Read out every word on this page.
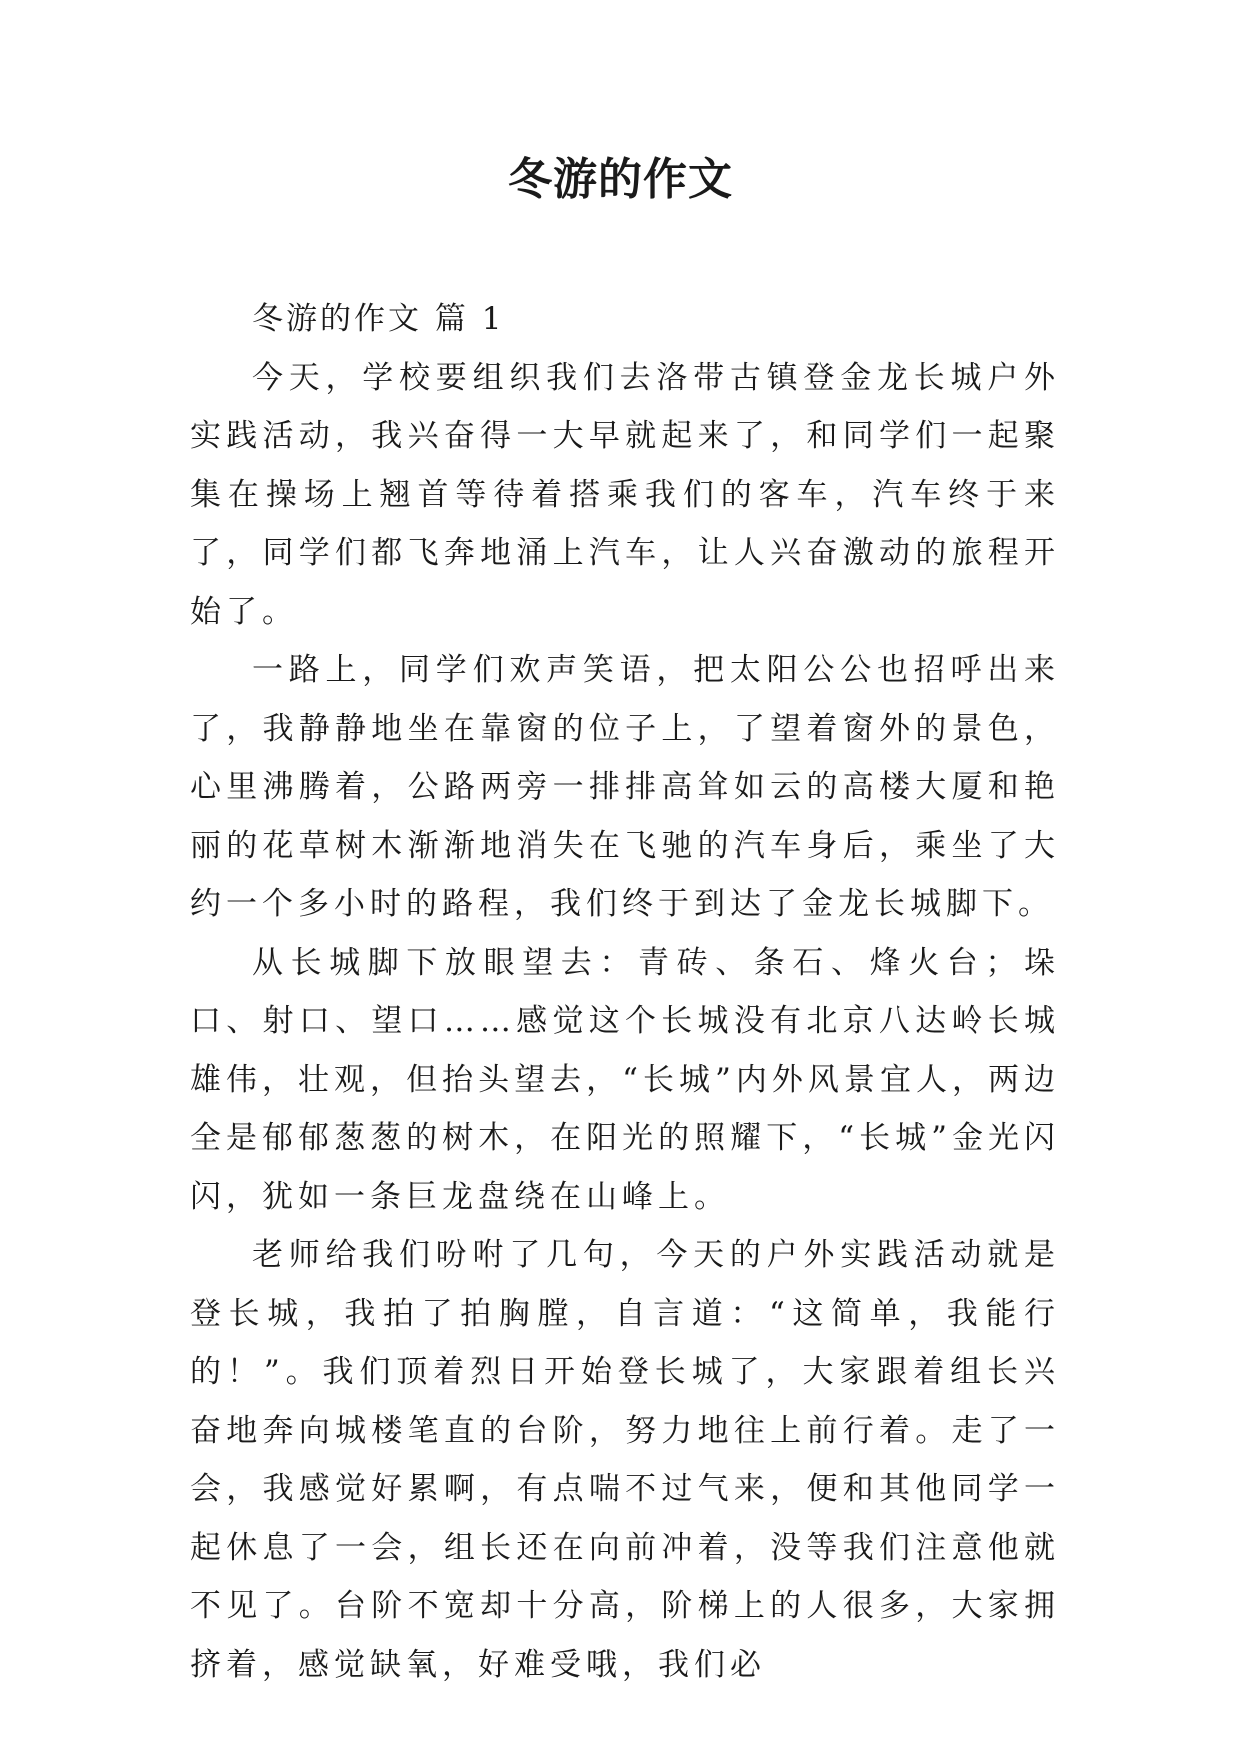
冬游的作文

冬游的作文 篇 1

今天，学校要组织我们去洛带古镇登金龙长城户外实践活动，我兴奋得一大早就起来了，和同学们一起聚集在操场上翘首等待着搭乘我们的客车，汽车终于来了，同学们都飞奔地涌上汽车，让人兴奋激动的旅程开始了。

一路上，同学们欢声笑语，把太阳公公也招呼出来了，我静静地坐在靠窗的位子上，了望着窗外的景色，心里沸腾着，公路两旁一排排高耸如云的高楼大厦和艳丽的花草树木渐渐地消失在飞驰的汽车身后，乘坐了大约一个多小时的路程，我们终于到达了金龙长城脚下。

从长城脚下放眼望去：青砖、条石、烽火台；垛口、射口、望口……感觉这个长城没有北京八达岭长城雄伟，壮观，但抬头望去，“长城”内外风景宜人，两边全是郁郁葱葱的树木，在阳光的照耀下，“长城”金光闪闪，犹如一条巨龙盘绕在山峰上。

老师给我们吩咐了几句，今天的户外实践活动就是登长城，我拍了拍胸膛，自言道：“这简单，我能行的！”。我们顶着烈日开始登长城了，大家跟着组长兴奋地奔向城楼笔直的台阶，努力地往上前行着。走了一会，我感觉好累啊，有点喘不过气来，便和其他同学一起休息了一会，组长还在向前冲着，没等我们注意他就不见了。台阶不宽却十分高，阶梯上的人很多，大家拥挤着，感觉缺氧，好难受哦，我们必
